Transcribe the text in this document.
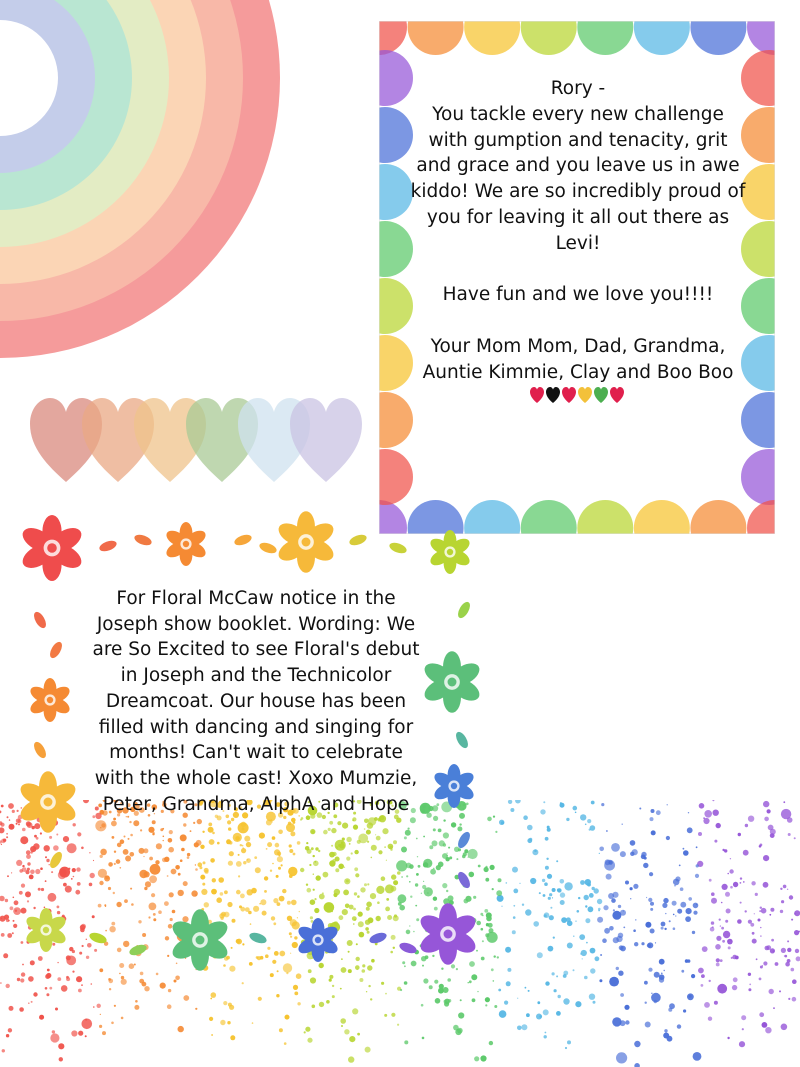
Rory -

You tackle every new challenge with gumption and tenacity, grit and grace and you leave us in awe kiddo! We are so incredibly proud of you for leaving it all out there as Levi!

Have fun and we love you!!!!

Your Mom Mom, Dad, Grandma, Auntie Kimmie, Clay and Boo Boo

For Floral McCaw notice in the Joseph show booklet. Wording: We are So Excited to see Floral's debut in Joseph and the Technicolor Dreamcoat. Our house has been filled with dancing and singing for months! Can't wait to celebrate with the whole cast! Xoxo Mumzie, Peter, Grandma, AlphA and Hope
